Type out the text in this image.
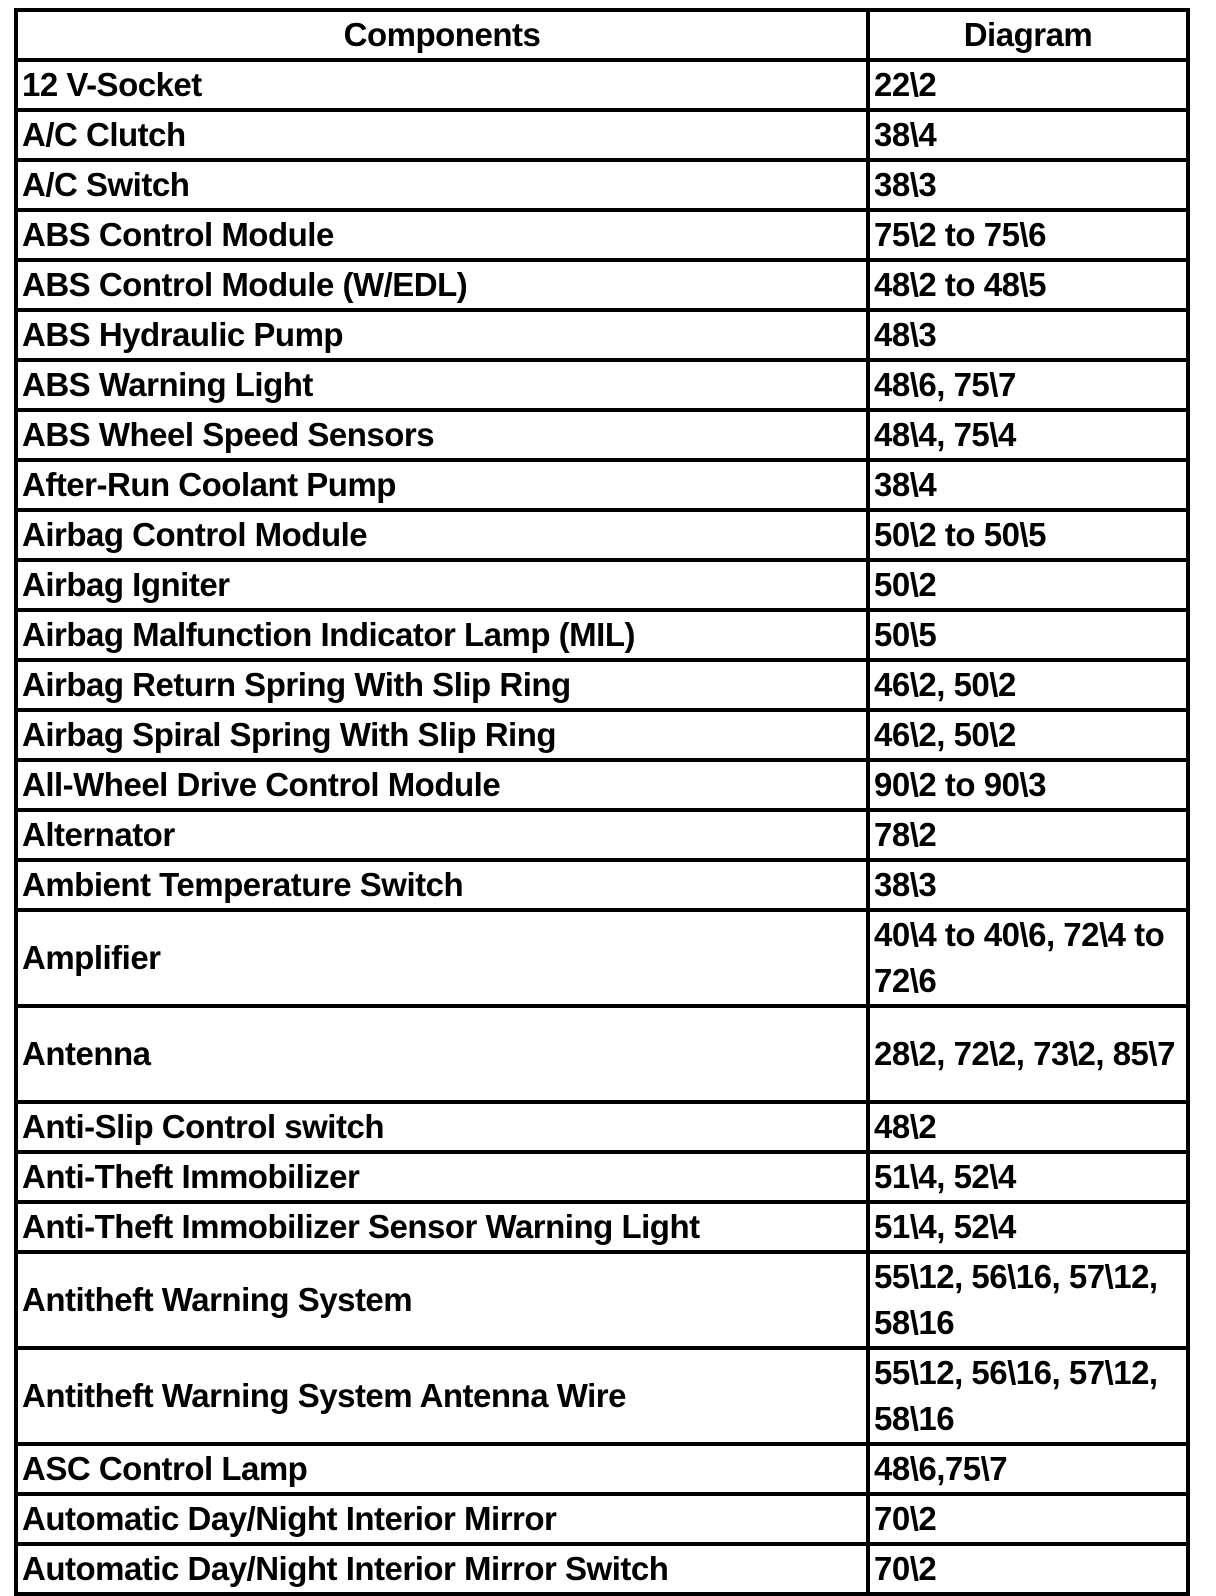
Components	Diagram
12 V-Socket	22\2
A/C Clutch	38\4
A/C Switch	38\3
ABS Control Module	75\2 to 75\6
ABS Control Module (W/EDL)	48\2 to 48\5
ABS Hydraulic Pump	48\3
ABS Warning Light	48\6, 75\7
ABS Wheel Speed Sensors	48\4, 75\4
After-Run Coolant Pump	38\4
Airbag Control Module	50\2 to 50\5
Airbag Igniter	50\2
Airbag Malfunction Indicator Lamp (MIL)	50\5
Airbag Return Spring With Slip Ring	46\2, 50\2
Airbag Spiral Spring With Slip Ring	46\2, 50\2
All-Wheel Drive Control Module	90\2 to 90\3
Alternator	78\2
Ambient Temperature Switch	38\3
Amplifier	40\4 to 40\6, 72\4 to 72\6
Antenna	28\2, 72\2, 73\2, 85\7
Anti-Slip Control switch	48\2
Anti-Theft Immobilizer	51\4, 52\4
Anti-Theft Immobilizer Sensor Warning Light	51\4, 52\4
Antitheft Warning System	55\12, 56\16, 57\12, 58\16
Antitheft Warning System Antenna Wire	55\12, 56\16, 57\12, 58\16
ASC Control Lamp	48\6,75\7
Automatic Day/Night Interior Mirror	70\2
Automatic Day/Night Interior Mirror Switch	70\2
